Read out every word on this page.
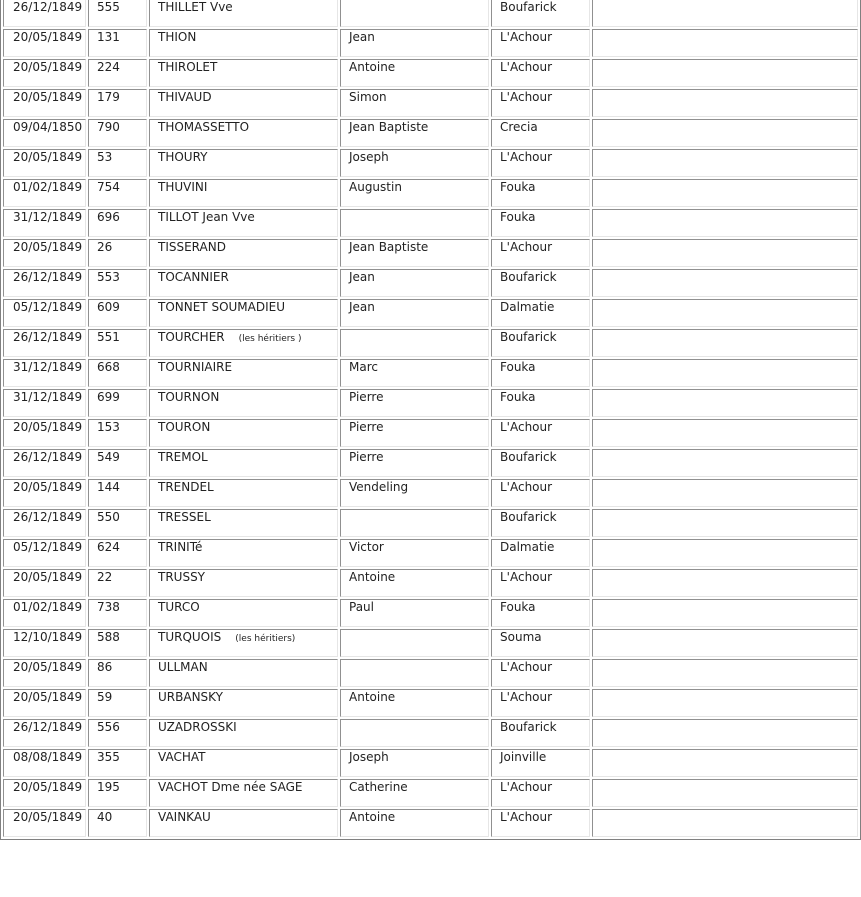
26/12/1849	555	THILLET Vve		Boufarick	
20/05/1849	131	THION	Jean	L'Achour	
20/05/1849	224	THIROLET	Antoine	L'Achour	
20/05/1849	179	THIVAUD	Simon	L'Achour	
09/04/1850	790	THOMASSETTO	Jean Baptiste	Crecia	
20/05/1849	53	THOURY	Joseph	L'Achour	
01/02/1849	754	THUVINI	Augustin	Fouka	
31/12/1849	696	TILLOT Jean Vve		Fouka	
20/05/1849	26	TISSERAND	Jean Baptiste	L'Achour	
26/12/1849	553	TOCANNIER	Jean	Boufarick	
05/12/1849	609	TONNET SOUMADIEU	Jean	Dalmatie	
26/12/1849	551	TOURCHER (les héritiers )		Boufarick	
31/12/1849	668	TOURNIAIRE	Marc	Fouka	
31/12/1849	699	TOURNON	Pierre	Fouka	
20/05/1849	153	TOURON	Pierre	L'Achour	
26/12/1849	549	TREMOL	Pierre	Boufarick	
20/05/1849	144	TRENDEL	Vendeling	L'Achour	
26/12/1849	550	TRESSEL		Boufarick	
05/12/1849	624	TRINITé	Victor	Dalmatie	
20/05/1849	22	TRUSSY	Antoine	L'Achour	
01/02/1849	738	TURCO	Paul	Fouka	
12/10/1849	588	TURQUOIS (les héritiers)		Souma	
20/05/1849	86	ULLMAN		L'Achour	
20/05/1849	59	URBANSKY	Antoine	L'Achour	
26/12/1849	556	UZADROSSKI		Boufarick	
08/08/1849	355	VACHAT	Joseph	Joinville	
20/05/1849	195	VACHOT Dme née SAGE	Catherine	L'Achour	
20/05/1849	40	VAINKAU	Antoine	L'Achour	
